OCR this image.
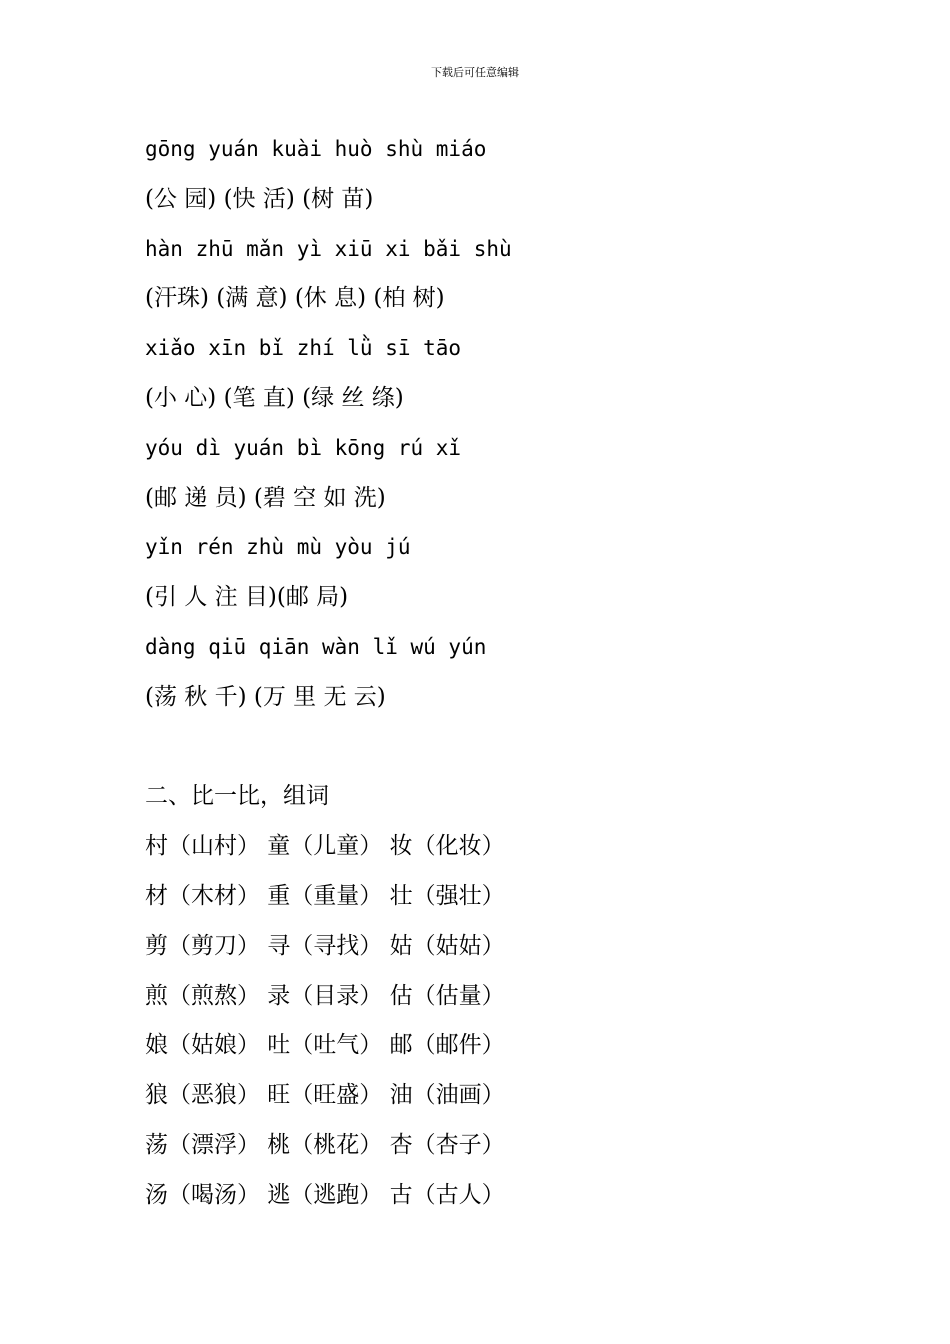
下载后可任意编辑
gōng yuán kuài huò shù miáo
(公 园) (快 活) (树 苗)
hàn zhū mǎn yì xiū xi bǎi shù
(汗珠) (满 意) (休 息) (柏 树)
xiǎo xīn bǐ zhí lǜ sī tāo
(小 心) (笔 直) (绿 丝 绦)
yóu dì yuán bì kōng rú xǐ
(邮 递 员) (碧 空 如 洗)
yǐn rén zhù mù yòu jú
(引 人 注 目)(邮 局)
dàng qiū qiān wàn lǐ wú yún
(荡 秋 千) (万 里 无 云)
二、比一比，组词
村（山村） 童（儿童） 妆（化妆）
材（木材） 重（重量） 壮（强壮）
剪（剪刀） 寻（寻找） 姑（姑姑）
煎（煎熬） 录（目录） 估（估量）
娘（姑娘） 吐（吐气） 邮（邮件）
狼（恶狼） 旺（旺盛） 油（油画）
荡（漂浮） 桃（桃花） 杏（杏子）
汤（喝汤） 逃（逃跑） 古（古人）
